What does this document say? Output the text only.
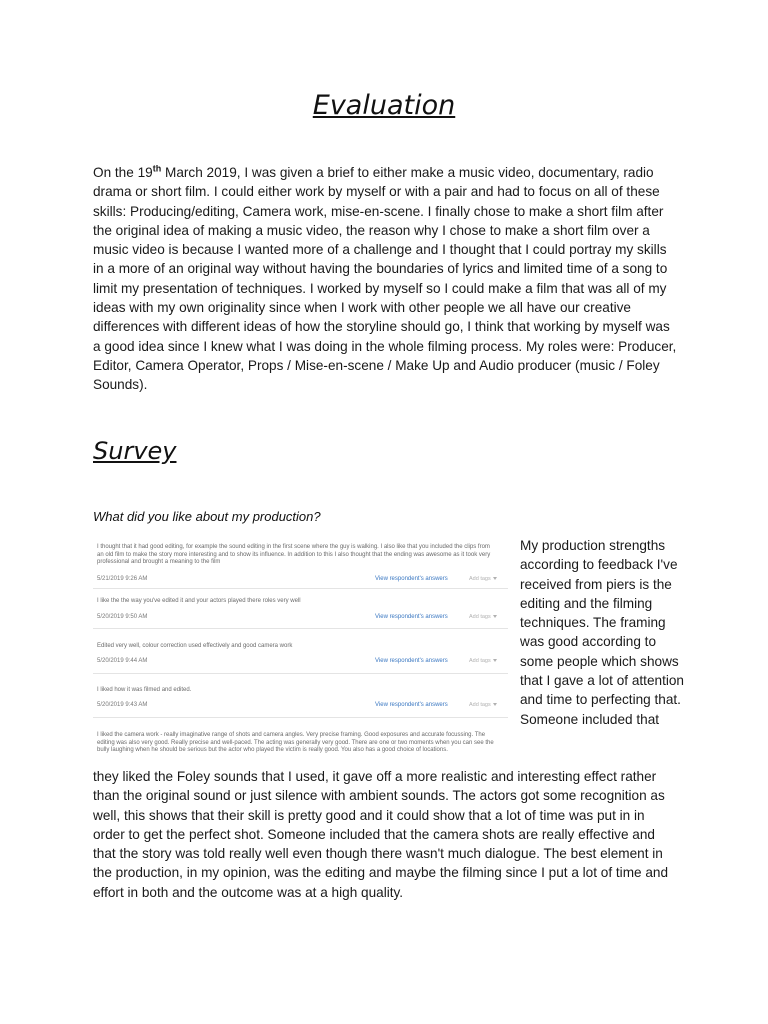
Evaluation

On the 19th March 2019, I was given a brief to either make a music video, documentary, radio drama or short film. I could either work by myself or with a pair and had to focus on all of these skills: Producing/editing, Camera work, mise-en-scene. I finally chose to make a short film after the original idea of making a music video, the reason why I chose to make a short film over a music video is because I wanted more of a challenge and I thought that I could portray my skills in a more of an original way without having the boundaries of lyrics and limited time of a song to limit my presentation of techniques. I worked by myself so I could make a film that was all of my ideas with my own originality since when I work with other people we all have our creative differences with different ideas of how the storyline should go, I think that working by myself was a good idea since I knew what I was doing in the whole filming process. My roles were: Producer, Editor, Camera Operator, Props / Mise-en-scene / Make Up and Audio producer (music / Foley Sounds).

Survey
What did you like about my production?

I thought that it had good editing, for example the sound editing in the first scene where the guy is walking. I also like that you included the clips from an old film to make the story more interesting and to show its influence. In addition to this I also thought that the ending was awesome as it took very professional and brought a meaning to the film

5/21/2019 9:26 AM	View respondent's answers	Add tags

I like the the way you've edited it and your actors played there roles very well

5/20/2019 9:50 AM	View respondent's answers	Add tags

Edited very well, colour correction used effectively and good camera work

5/20/2019 9:44 AM	View respondent's answers	Add tags

I liked how it was filmed and edited.

5/20/2019 9:43 AM	View respondent's answers	Add tags

I liked the camera work - really imaginative range of shots and camera angles. Very precise framing. Good exposures and accurate focussing. The editing was also very good. Really precise and well-paced. The acting was generally very good. There are one or two moments when you can see the bully laughing when he should be serious but the actor who played the victim is really good. You also has a good choice of locations.

My production strengths according to feedback I've received from piers is the editing and the filming techniques. The framing was good according to some people which shows that I gave a lot of attention and time to perfecting that. Someone included that

they liked the Foley sounds that I used, it gave off a more realistic and interesting effect rather than the original sound or just silence with ambient sounds. The actors got some recognition as well, this shows that their skill is pretty good and it could show that a lot of time was put in in order to get the perfect shot. Someone included that the camera shots are really effective and that the story was told really well even though there wasn't much dialogue. The best element in the production, in my opinion, was the editing and maybe the filming since I put a lot of time and effort in both and the outcome was at a high quality.
